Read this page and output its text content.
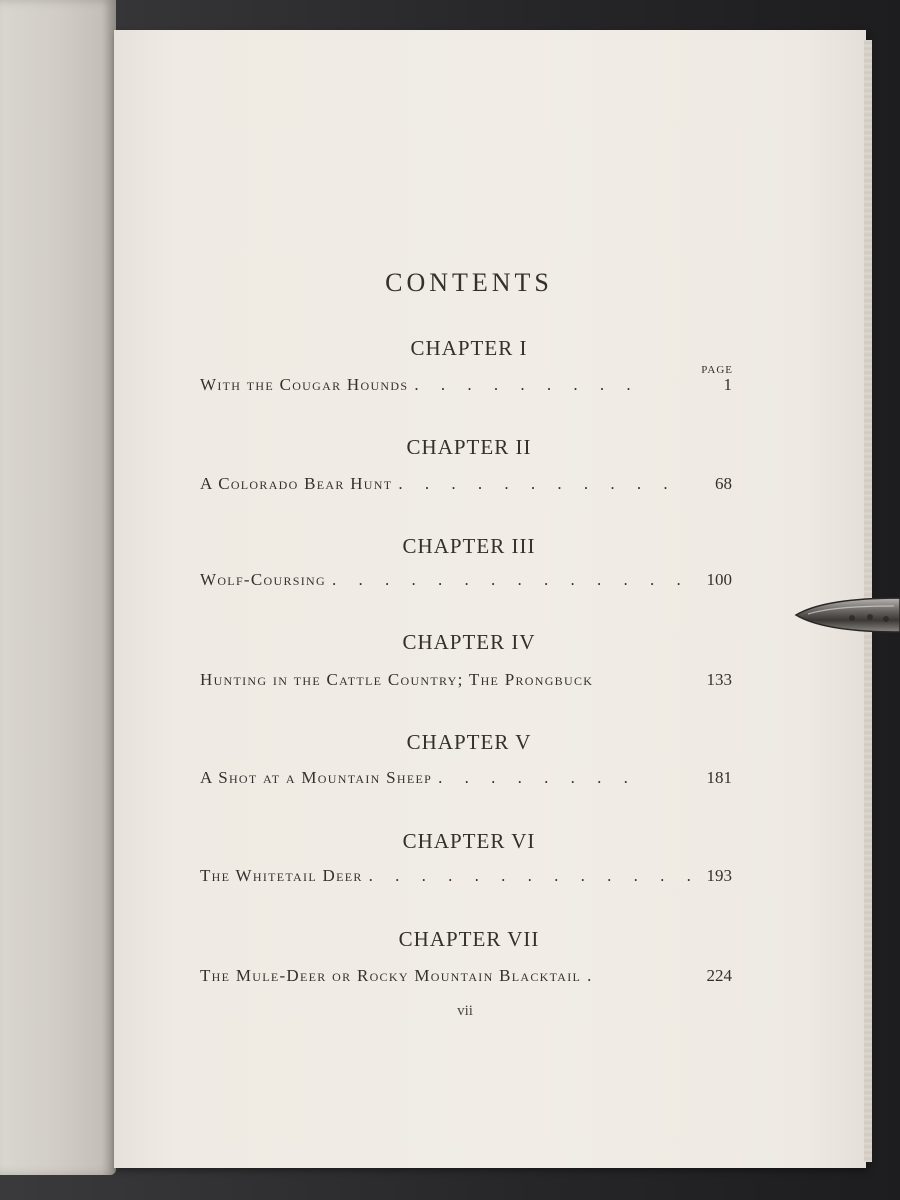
CONTENTS
CHAPTER I
PAGE
With the Cougar Hounds . . . . . . . . .	1
CHAPTER II
A Colorado Bear Hunt . . . . . . . . . . .	68
CHAPTER III
Wolf-Coursing . . . . . . . . . . . . . . 100
CHAPTER IV
Hunting in the Cattle Country; The Prongbuck	133
CHAPTER V
A Shot at a Mountain Sheep . . . . . . . .	181
CHAPTER VI
The Whitetail Deer . . . . . . . . . . . . . 193
CHAPTER VII
The Mule-Deer or Rocky Mountain Blacktail .	224
vii
